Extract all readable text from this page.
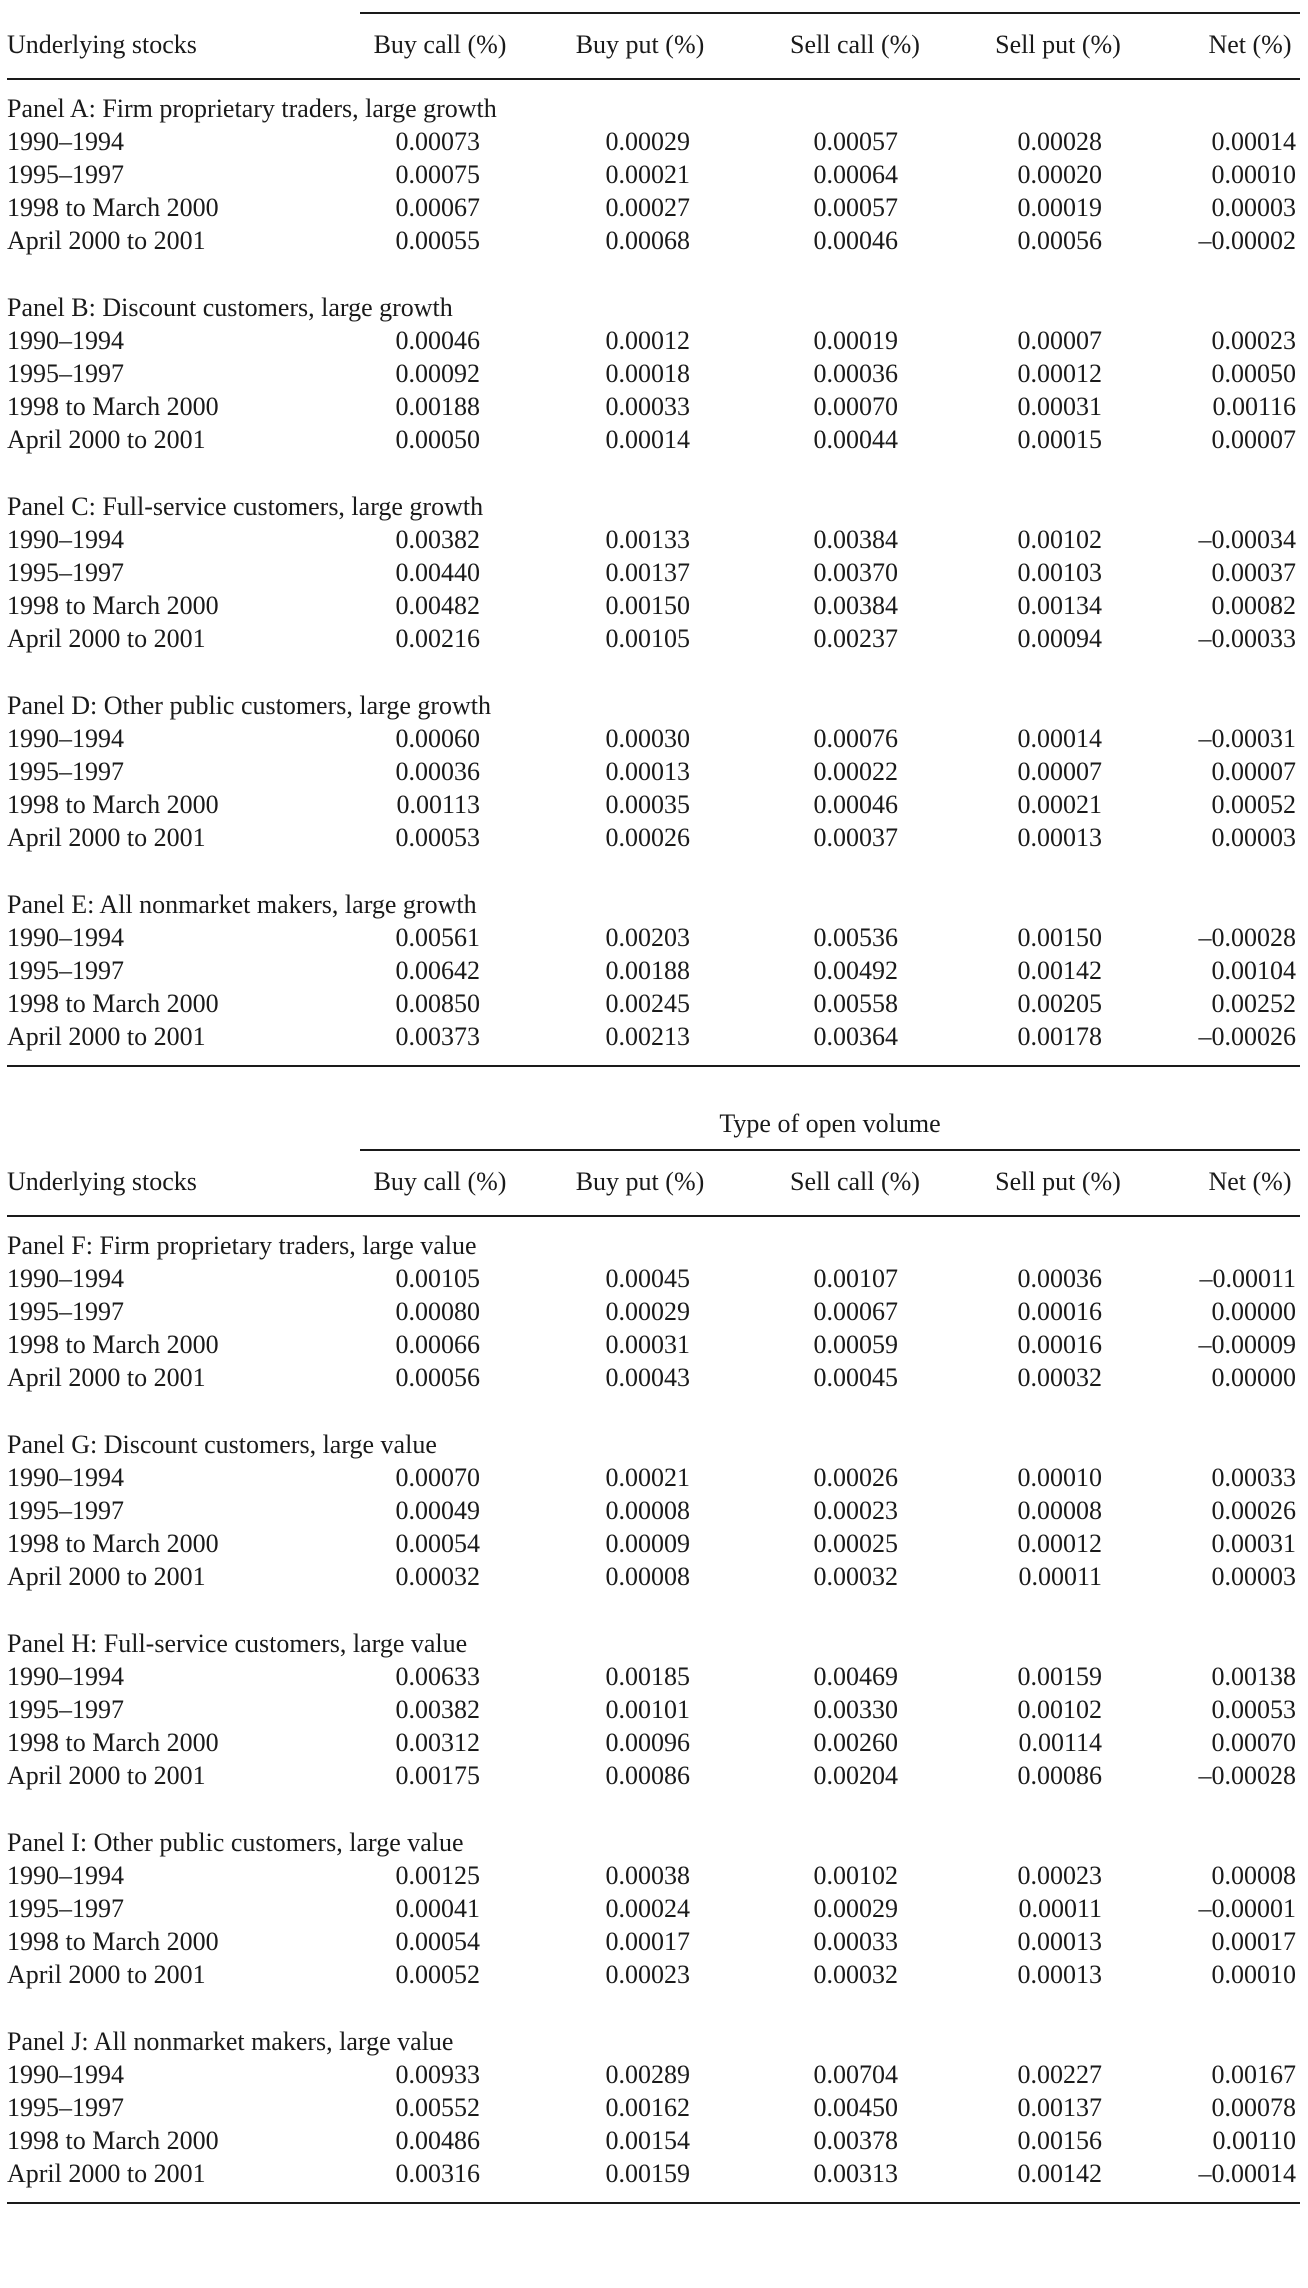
Underlying stocks	Buy call (%)	Buy put (%)	Sell call (%)	Sell put (%)	Net (%)
Panel A: Firm proprietary traders, large growth
1990–1994	0.00073	0.00029	0.00057	0.00028	0.00014
1995–1997	0.00075	0.00021	0.00064	0.00020	0.00010
1998 to March 2000	0.00067	0.00027	0.00057	0.00019	0.00003
April 2000 to 2001	0.00055	0.00068	0.00046	0.00056	–0.00002
Panel B: Discount customers, large growth
1990–1994	0.00046	0.00012	0.00019	0.00007	0.00023
1995–1997	0.00092	0.00018	0.00036	0.00012	0.00050
1998 to March 2000	0.00188	0.00033	0.00070	0.00031	0.00116
April 2000 to 2001	0.00050	0.00014	0.00044	0.00015	0.00007
Panel C: Full-service customers, large growth
1990–1994	0.00382	0.00133	0.00384	0.00102	–0.00034
1995–1997	0.00440	0.00137	0.00370	0.00103	0.00037
1998 to March 2000	0.00482	0.00150	0.00384	0.00134	0.00082
April 2000 to 2001	0.00216	0.00105	0.00237	0.00094	–0.00033
Panel D: Other public customers, large growth
1990–1994	0.00060	0.00030	0.00076	0.00014	–0.00031
1995–1997	0.00036	0.00013	0.00022	0.00007	0.00007
1998 to March 2000	0.00113	0.00035	0.00046	0.00021	0.00052
April 2000 to 2001	0.00053	0.00026	0.00037	0.00013	0.00003
Panel E: All nonmarket makers, large growth
1990–1994	0.00561	0.00203	0.00536	0.00150	–0.00028
1995–1997	0.00642	0.00188	0.00492	0.00142	0.00104
1998 to March 2000	0.00850	0.00245	0.00558	0.00205	0.00252
April 2000 to 2001	0.00373	0.00213	0.00364	0.00178	–0.00026
Type of open volume
Underlying stocks	Buy call (%)	Buy put (%)	Sell call (%)	Sell put (%)	Net (%)
Panel F: Firm proprietary traders, large value
1990–1994	0.00105	0.00045	0.00107	0.00036	–0.00011
1995–1997	0.00080	0.00029	0.00067	0.00016	0.00000
1998 to March 2000	0.00066	0.00031	0.00059	0.00016	–0.00009
April 2000 to 2001	0.00056	0.00043	0.00045	0.00032	0.00000
Panel G: Discount customers, large value
1990–1994	0.00070	0.00021	0.00026	0.00010	0.00033
1995–1997	0.00049	0.00008	0.00023	0.00008	0.00026
1998 to March 2000	0.00054	0.00009	0.00025	0.00012	0.00031
April 2000 to 2001	0.00032	0.00008	0.00032	0.00011	0.00003
Panel H: Full-service customers, large value
1990–1994	0.00633	0.00185	0.00469	0.00159	0.00138
1995–1997	0.00382	0.00101	0.00330	0.00102	0.00053
1998 to March 2000	0.00312	0.00096	0.00260	0.00114	0.00070
April 2000 to 2001	0.00175	0.00086	0.00204	0.00086	–0.00028
Panel I: Other public customers, large value
1990–1994	0.00125	0.00038	0.00102	0.00023	0.00008
1995–1997	0.00041	0.00024	0.00029	0.00011	–0.00001
1998 to March 2000	0.00054	0.00017	0.00033	0.00013	0.00017
April 2000 to 2001	0.00052	0.00023	0.00032	0.00013	0.00010
Panel J: All nonmarket makers, large value
1990–1994	0.00933	0.00289	0.00704	0.00227	0.00167
1995–1997	0.00552	0.00162	0.00450	0.00137	0.00078
1998 to March 2000	0.00486	0.00154	0.00378	0.00156	0.00110
April 2000 to 2001	0.00316	0.00159	0.00313	0.00142	–0.00014
